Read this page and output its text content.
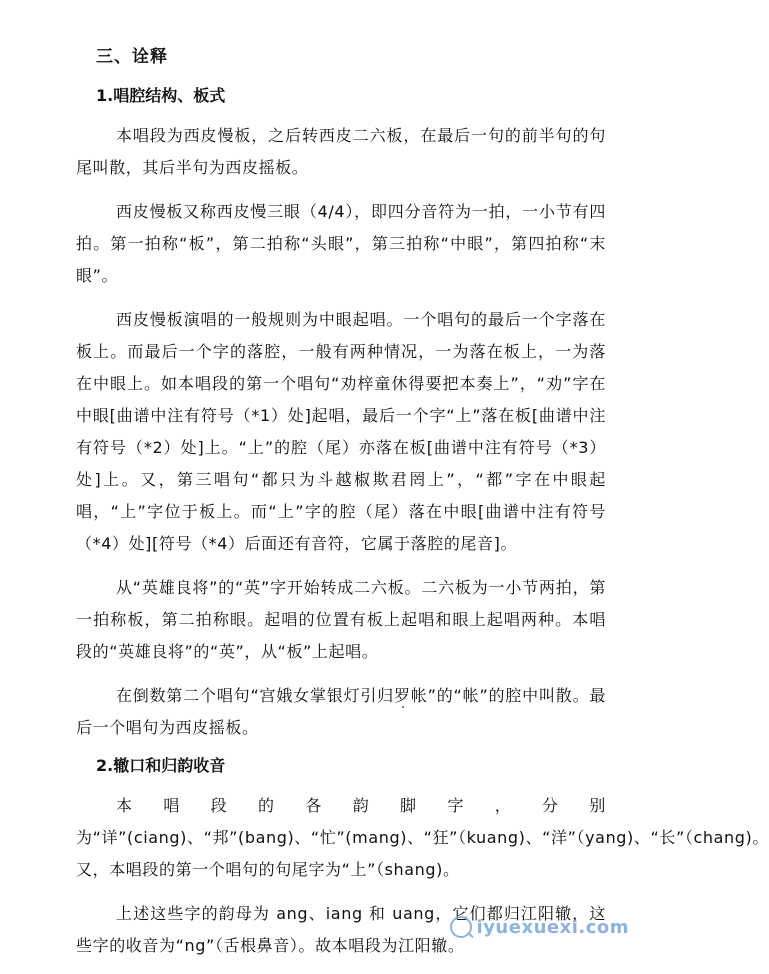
三、诠释
1.唱腔结构、板式

本唱段为西皮慢板，之后转西皮二六板，在最后一句的前半句的句尾叫散，其后半句为西皮摇板。

西皮慢板又称西皮慢三眼（4/4），即四分音符为一拍，一小节有四拍。第一拍称“板”，第二拍称“头眼”，第三拍称“中眼”，第四拍称“末眼”。

西皮慢板演唱的一般规则为中眼起唱。一个唱句的最后一个字落在板上。而最后一个字的落腔，一般有两种情况，一为落在板上，一为落在中眼上。如本唱段的第一个唱句“劝梓童休得要把本奏上”，“劝”字在中眼[曲谱中注有符号（*1）处]起唱，最后一个字“上”落在板[曲谱中注有符号（*2）处]上。“上”的腔（尾）亦落在板[曲谱中注有符号（*3）处]上。又，第三唱句“都只为斗越椒欺君罔上”，“都”字在中眼起唱，“上”字位于板上。而“上”字的腔（尾）落在中眼[曲谱中注有符号（*4）处][符号（*4）后面还有音符，它属于落腔的尾音]。

从“英雄良将”的“英”字开始转成二六板。二六板为一小节两拍，第一拍称板，第二拍称眼。起唱的位置有板上起唱和眼上起唱两种。本唱段的“英雄良将”的“英”，从“板”上起唱。

在倒数第二个唱句“宫娥女掌银灯引归罗帐”的“帐”的腔中叫散。最后一个唱句为西皮摇板。

2.辙口和归韵收音

本唱段的各韵脚字，分别为“详”(ciang)、“邦”(bang)、“忙”(mang)、“狂”（kuang)、“洋”（yang)、“长”（chang)。又，本唱段的第一个唱句的句尾字为“上”（shang)。

上述这些字的韵母为 ang、iang 和 uang，它们都归江阳辙，这些字的收音为“ng”（舌根鼻音）。故本唱段为江阳辙。

iyuexuexi.com
